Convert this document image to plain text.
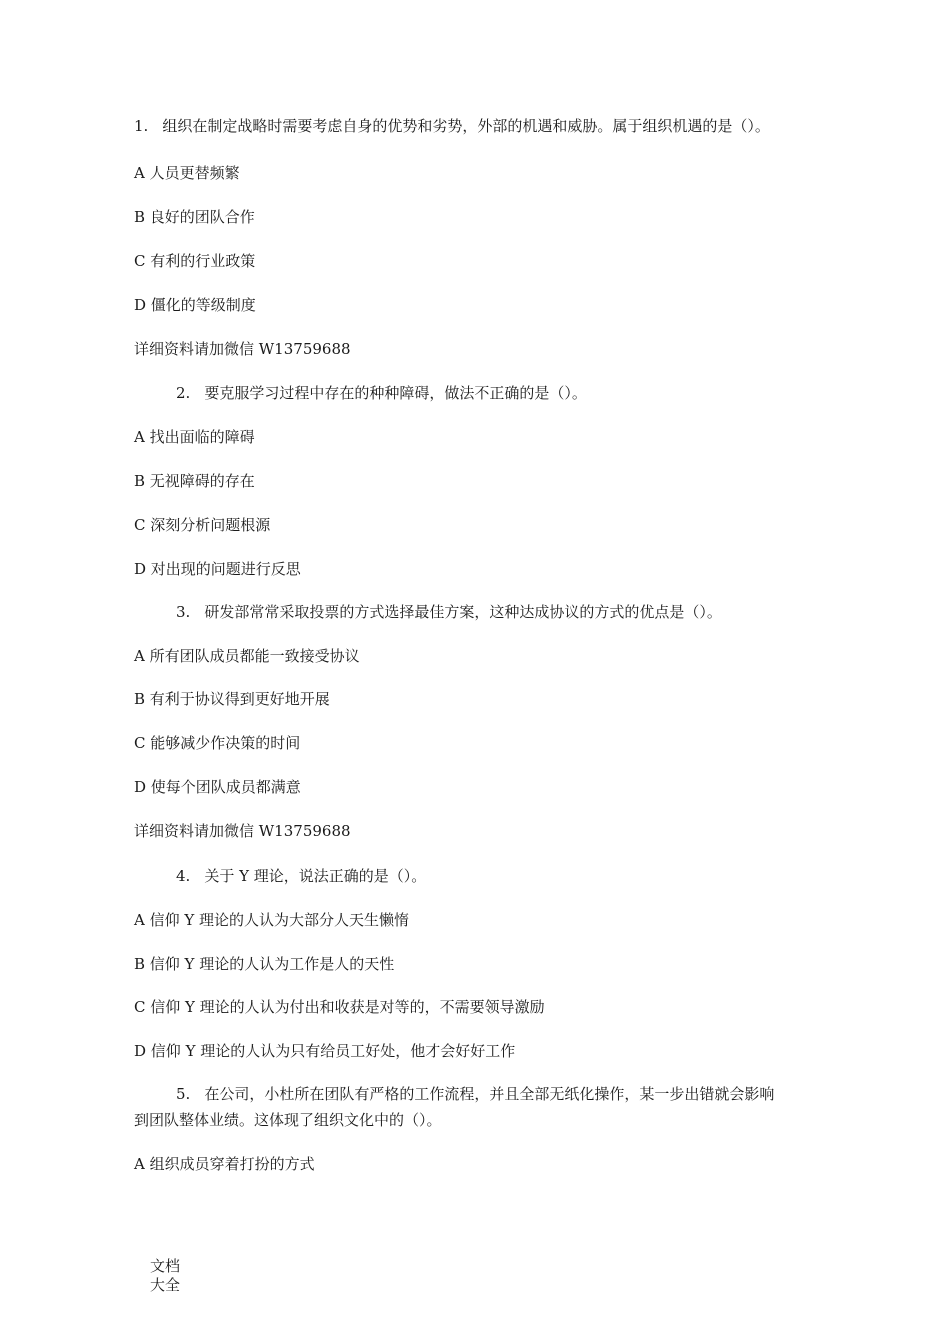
1. 组织在制定战略时需要考虑自身的优势和劣势，外部的机遇和威胁。属于组织机遇的是（）。
A 人员更替频繁
B 良好的团队合作
C 有利的行业政策
D 僵化的等级制度
详细资料请加微信 W13759688
2. 要克服学习过程中存在的种种障碍，做法不正确的是（）。
A 找出面临的障碍
B 无视障碍的存在
C 深刻分析问题根源
D 对出现的问题进行反思
3. 研发部常常采取投票的方式选择最佳方案，这种达成协议的方式的优点是（）。
A 所有团队成员都能一致接受协议
B 有利于协议得到更好地开展
C 能够减少作决策的时间
D 使每个团队成员都满意
详细资料请加微信 W13759688
4. 关于 Y 理论，说法正确的是（）。
A 信仰 Y 理论的人认为大部分人天生懒惰
B 信仰 Y 理论的人认为工作是人的天性
C 信仰 Y 理论的人认为付出和收获是对等的，不需要领导激励
D 信仰 Y 理论的人认为只有给员工好处，他才会好好工作
5. 在公司，小杜所在团队有严格的工作流程，并且全部无纸化操作，某一步出错就会影响
到团队整体业绩。这体现了组织文化中的（）。
A 组织成员穿着打扮的方式
文档
大全
